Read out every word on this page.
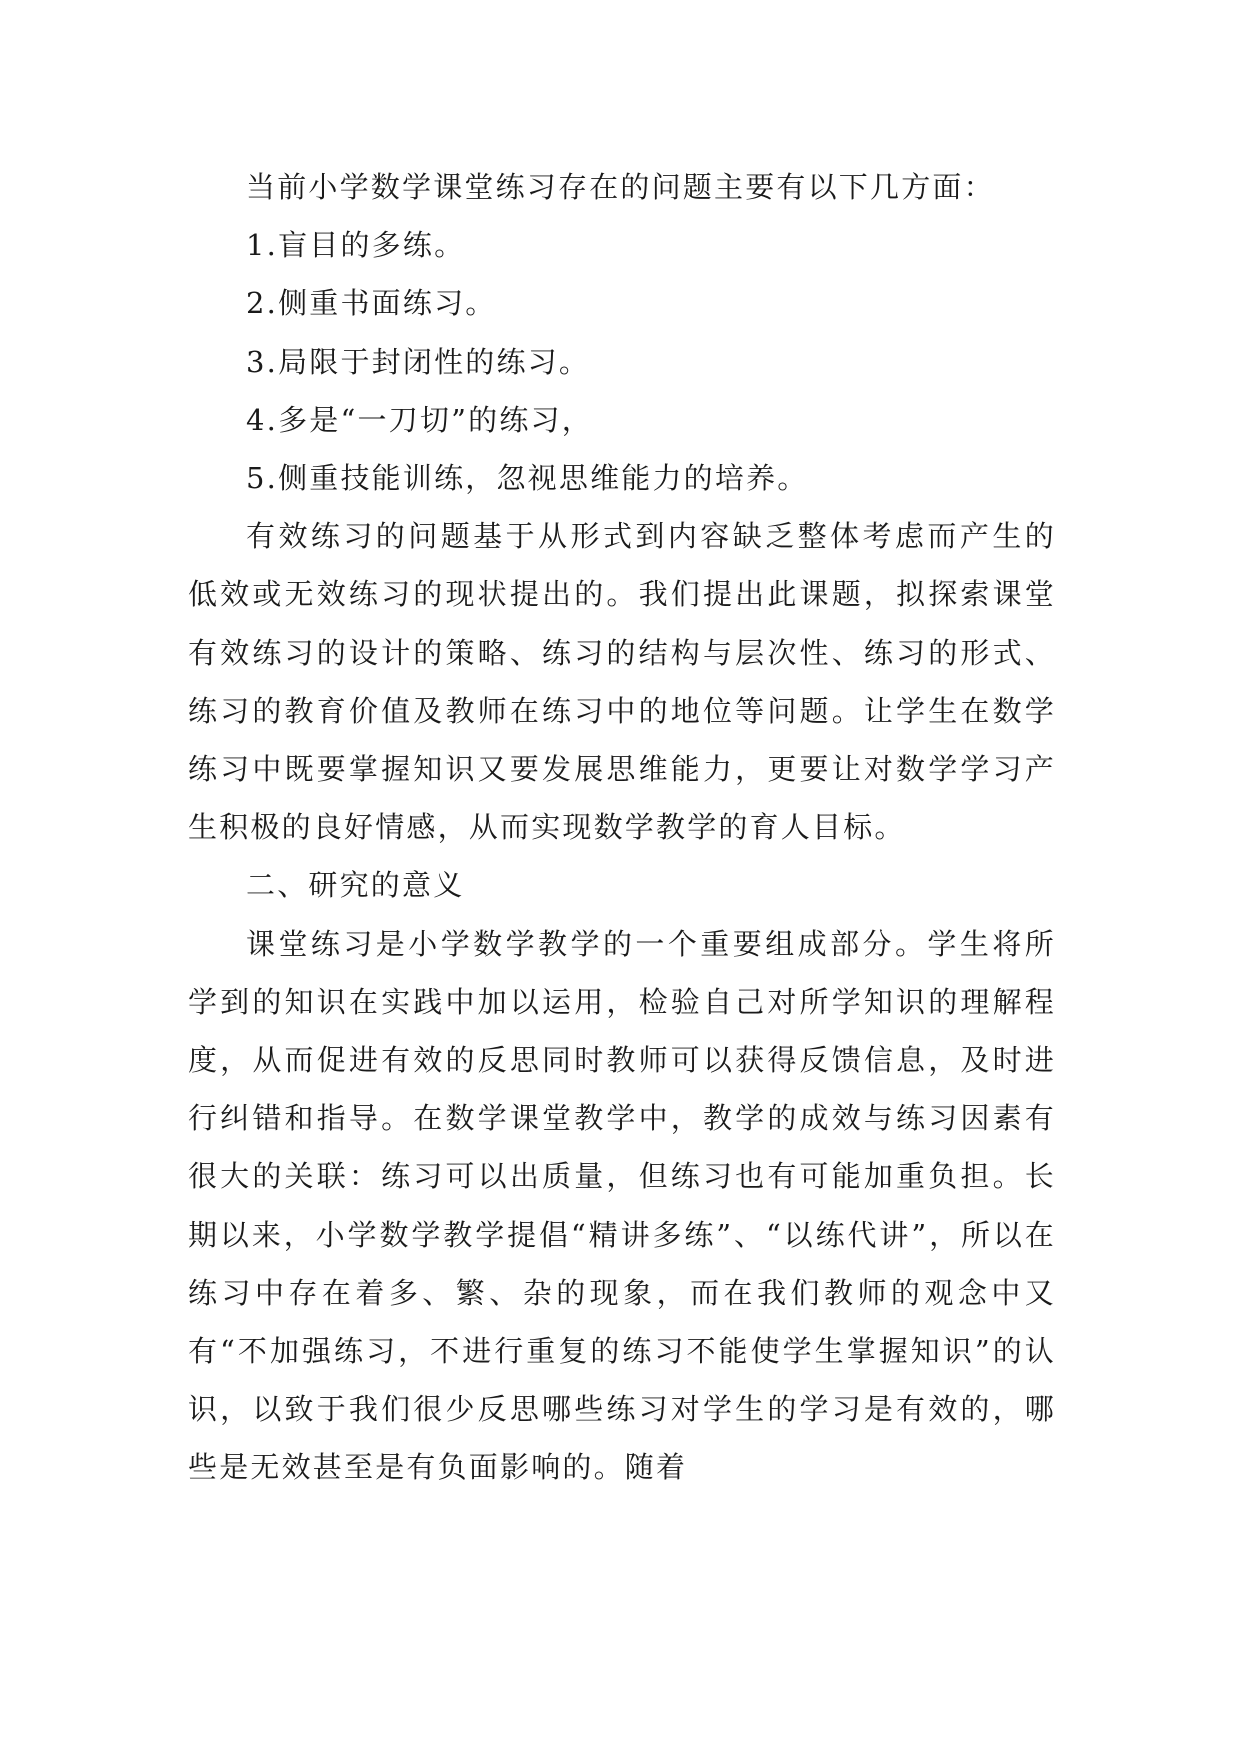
当前小学数学课堂练习存在的问题主要有以下几方面：

1.盲目的多练。

2.侧重书面练习。

3.局限于封闭性的练习。

4.多是“一刀切”的练习，

5.侧重技能训练，忽视思维能力的培养。

有效练习的问题基于从形式到内容缺乏整体考虑而产生的低效或无效练习的现状提出的。我们提出此课题，拟探索课堂有效练习的设计的策略、练习的结构与层次性、练习的形式、练习的教育价值及教师在练习中的地位等问题。让学生在数学练习中既要掌握知识又要发展思维能力，更要让对数学学习产生积极的良好情感，从而实现数学教学的育人目标。

二、研究的意义

课堂练习是小学数学教学的一个重要组成部分。学生将所学到的知识在实践中加以运用，检验自己对所学知识的理解程度，从而促进有效的反思同时教师可以获得反馈信息，及时进行纠错和指导。在数学课堂教学中，教学的成效与练习因素有很大的关联：练习可以出质量，但练习也有可能加重负担。长期以来，小学数学教学提倡“精讲多练”、“以练代讲”，所以在练习中存在着多、繁、杂的现象，而在我们教师的观念中又有“不加强练习，不进行重复的练习不能使学生掌握知识”的认识，以致于我们很少反思哪些练习对学生的学习是有效的，哪些是无效甚至是有负面影响的。随着
